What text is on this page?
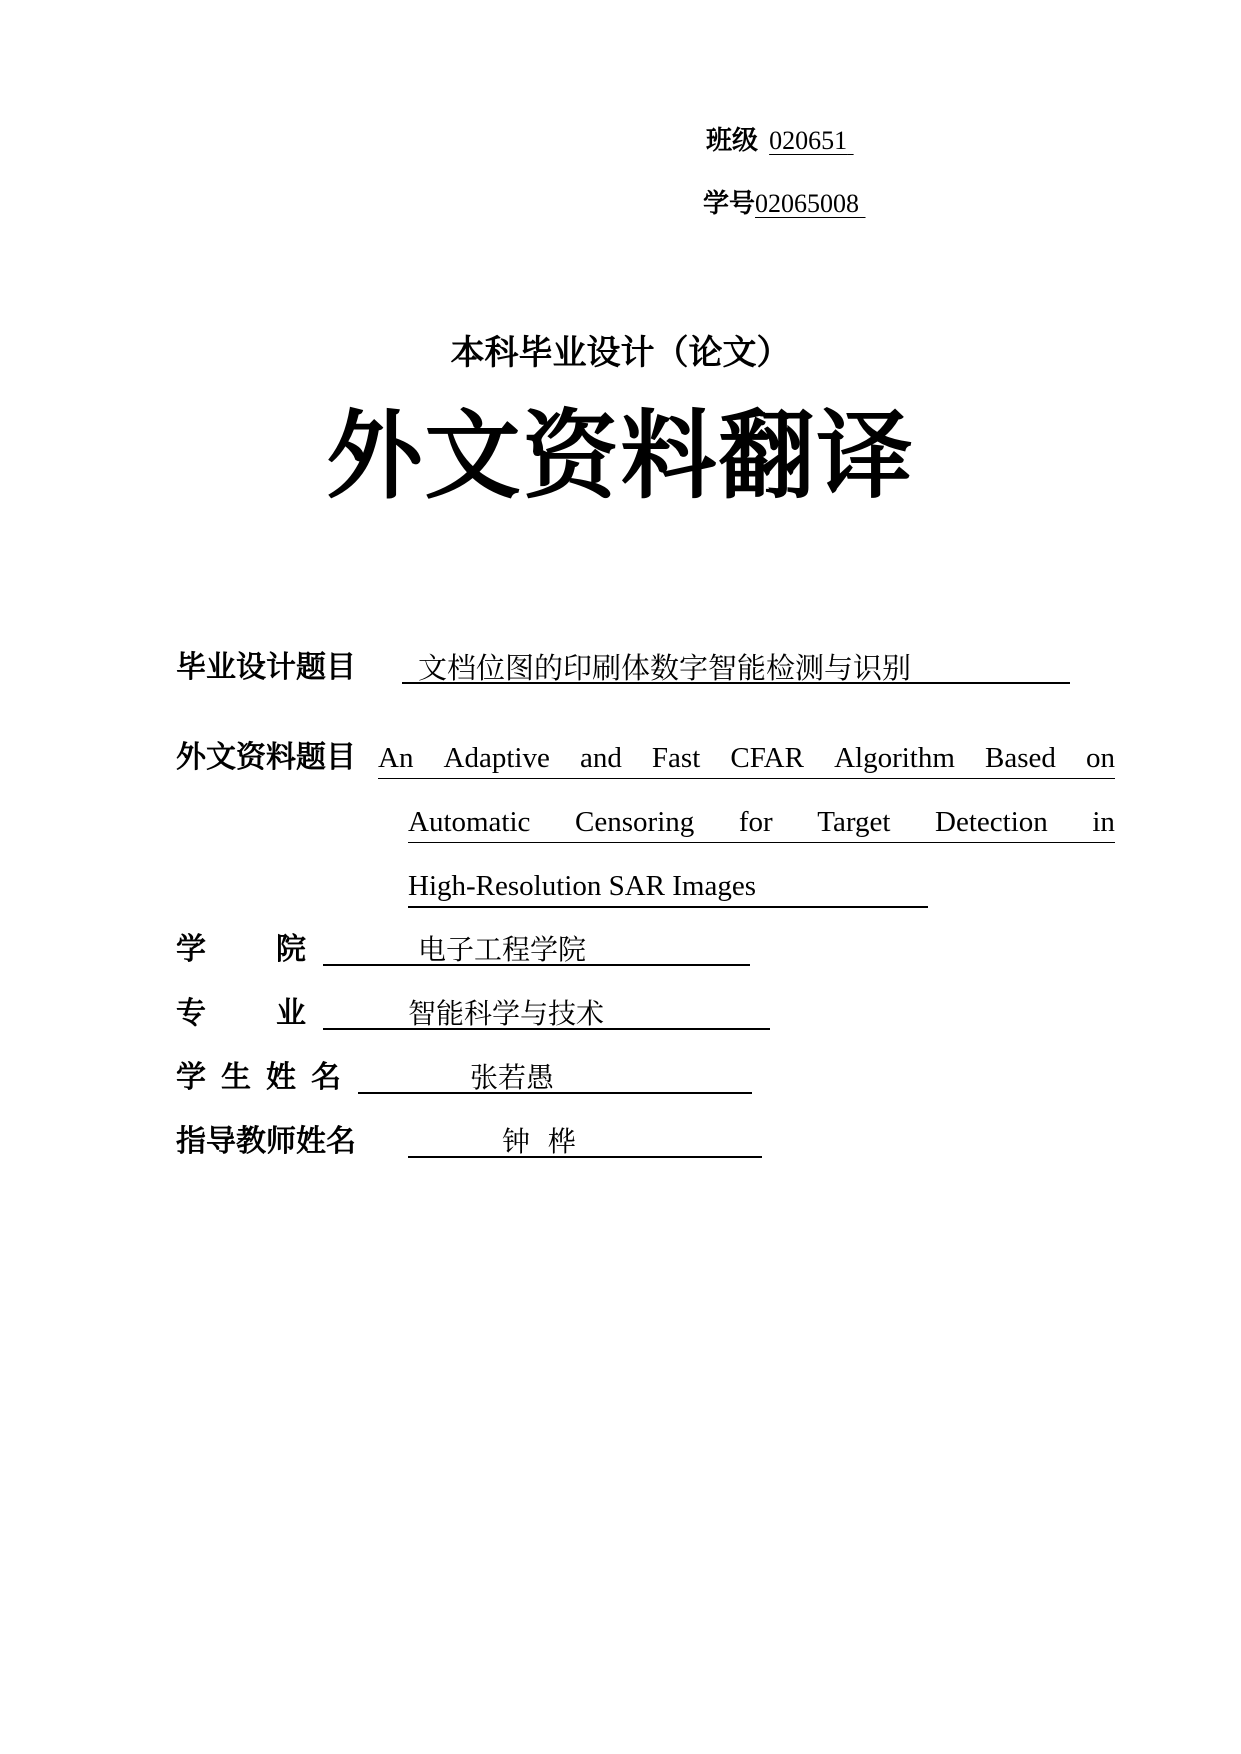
班级 020651
学号02065008
本科毕业设计（论文）
外文资料翻译
毕业设计题目 文档位图的印刷体数字智能检测与识别
外文资料题目 An Adaptive and Fast CFAR Algorithm Based on
Automatic Censoring for Target Detection in
High-Resolution SAR Images
学 院	电子工程学院
专 业	智能科学与技术
学 生 姓 名	张若愚
指导教师姓名	钟  桦
